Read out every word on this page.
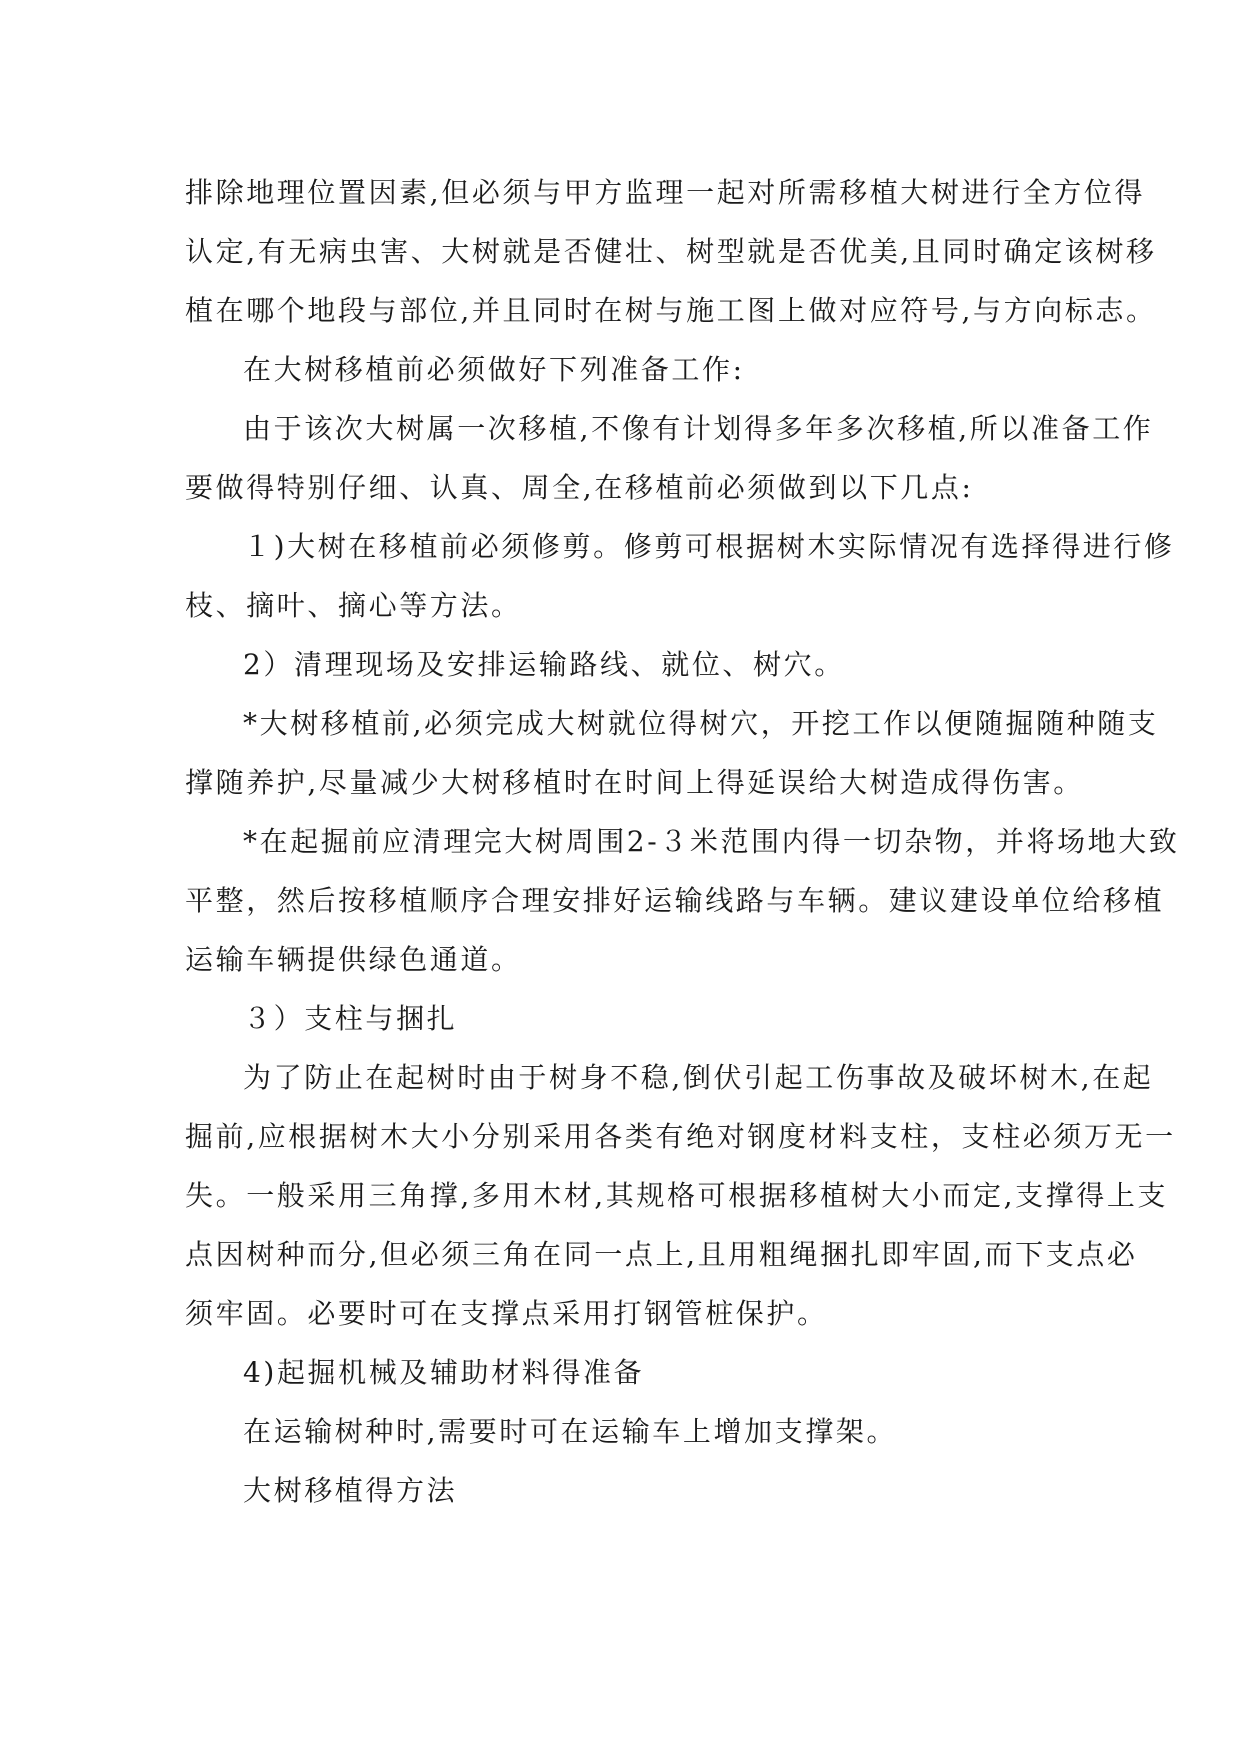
排除地理位置因素,但必须与甲方监理一起对所需移植大树进行全方位得
认定,有无病虫害、大树就是否健壮、树型就是否优美,且同时确定该树移
植在哪个地段与部位,并且同时在树与施工图上做对应符号,与方向标志。
在大树移植前必须做好下列准备工作:
由于该次大树属一次移植,不像有计划得多年多次移植,所以准备工作
要做得特别仔细、认真、周全,在移植前必须做到以下几点:
１)大树在移植前必须修剪。修剪可根据树木实际情况有选择得进行修
枝、摘叶、摘心等方法。
2）清理现场及安排运输路线、就位、树穴。
*大树移植前,必须完成大树就位得树穴，开挖工作以便随掘随种随支
撑随养护,尽量减少大树移植时在时间上得延误给大树造成得伤害。
*在起掘前应清理完大树周围2-３米范围内得一切杂物，并将场地大致
平整，然后按移植顺序合理安排好运输线路与车辆。建议建设单位给移植
运输车辆提供绿色通道。
３）支柱与捆扎
为了防止在起树时由于树身不稳,倒伏引起工伤事故及破坏树木,在起
掘前,应根据树木大小分别采用各类有绝对钢度材料支柱，支柱必须万无一
失。一般采用三角撑,多用木材,其规格可根据移植树大小而定,支撑得上支
点因树种而分,但必须三角在同一点上,且用粗绳捆扎即牢固,而下支点必
须牢固。必要时可在支撑点采用打钢管桩保护。
4)起掘机械及辅助材料得准备
在运输树种时,需要时可在运输车上增加支撑架。
大树移植得方法
